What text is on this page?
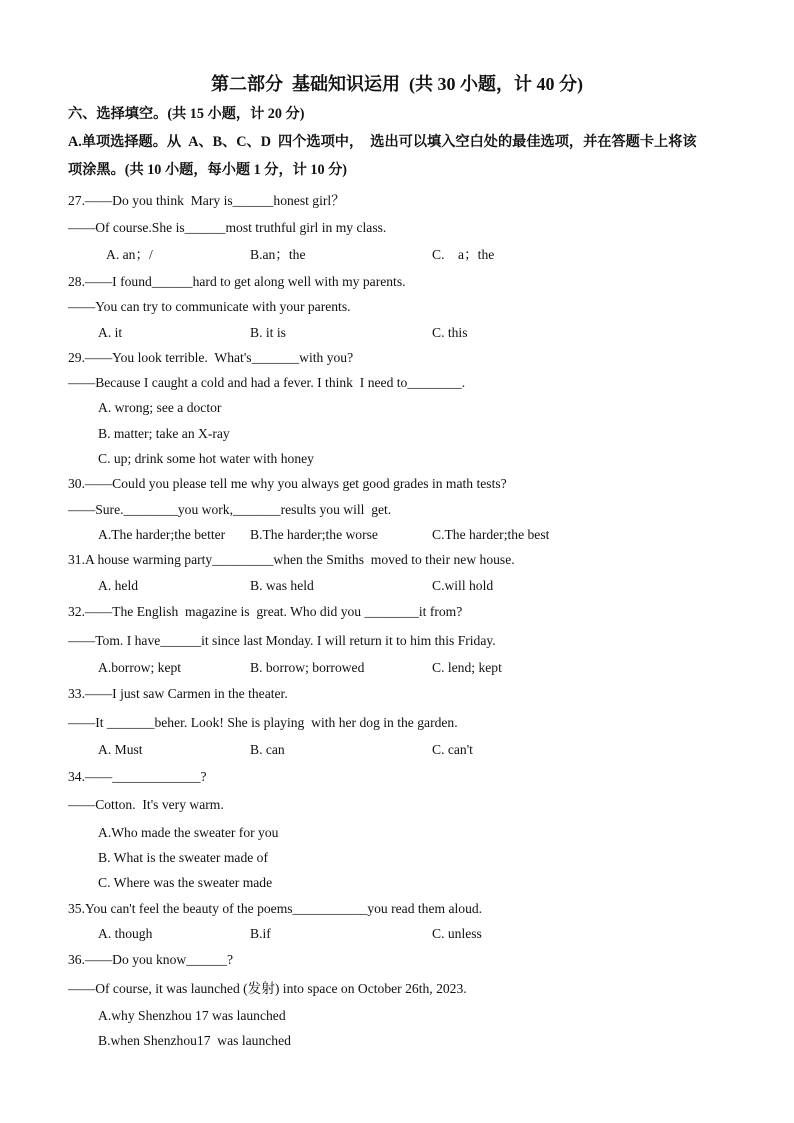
第二部分  基础知识运用  (共 30 小题，计 40 分)
六、选择填空。(共 15 小题，计 20 分)
A.单项选择题。从  A、B、C、D  四个选项中，  选出可以填入空白处的最佳选项，并在答题卡上将该
项涂黑。(共 10 小题，每小题 1 分，计 10 分)
27.——Do you think  Mary is______honest girl？
——Of course.She is______most truthful girl in my class.
A. an；/	B.an；the	C.    a；the
28.——I found______hard to get along well with my parents.
——You can try to communicate with your parents.
A. it	B. it is	C. this
29.——You look terrible.  What's_______with you?
——Because I caught a cold and had a fever. I think  I need to________.
A. wrong; see a doctor
B. matter; take an X-ray
C. up; drink some hot water with honey
30.——Could you please tell me why you always get good grades in math tests?
——Sure.________you work,_______results you will  get.
A.The harder;the better B.The harder;the worse	C.The harder;the best
31.A house warming party_________when the Smiths  moved to their new house.
A. held	B. was held	C.will hold
32.——The English  magazine is  great. Who did you ________it from?
——Tom. I have______it since last Monday. I will return it to him this Friday.
A.borrow; kept	B. borrow; borrowed	C. lend; kept
33.——I just saw Carmen in the theater.
——It _______beher. Look! She is playing  with her dog in the garden.
A. Must	B. can	C. can't
34.——_____________?
——Cotton.  It's very warm.
A.Who made the sweater for you
B. What is the sweater made of
C. Where was the sweater made
35.You can't feel the beauty of the poems___________you read them aloud.
A. though	B.if	C. unless
36.——Do you know______?
——Of course, it was launched (发射) into space on October 26th, 2023.
A.why Shenzhou 17 was launched
B.when Shenzhou17  was launched
